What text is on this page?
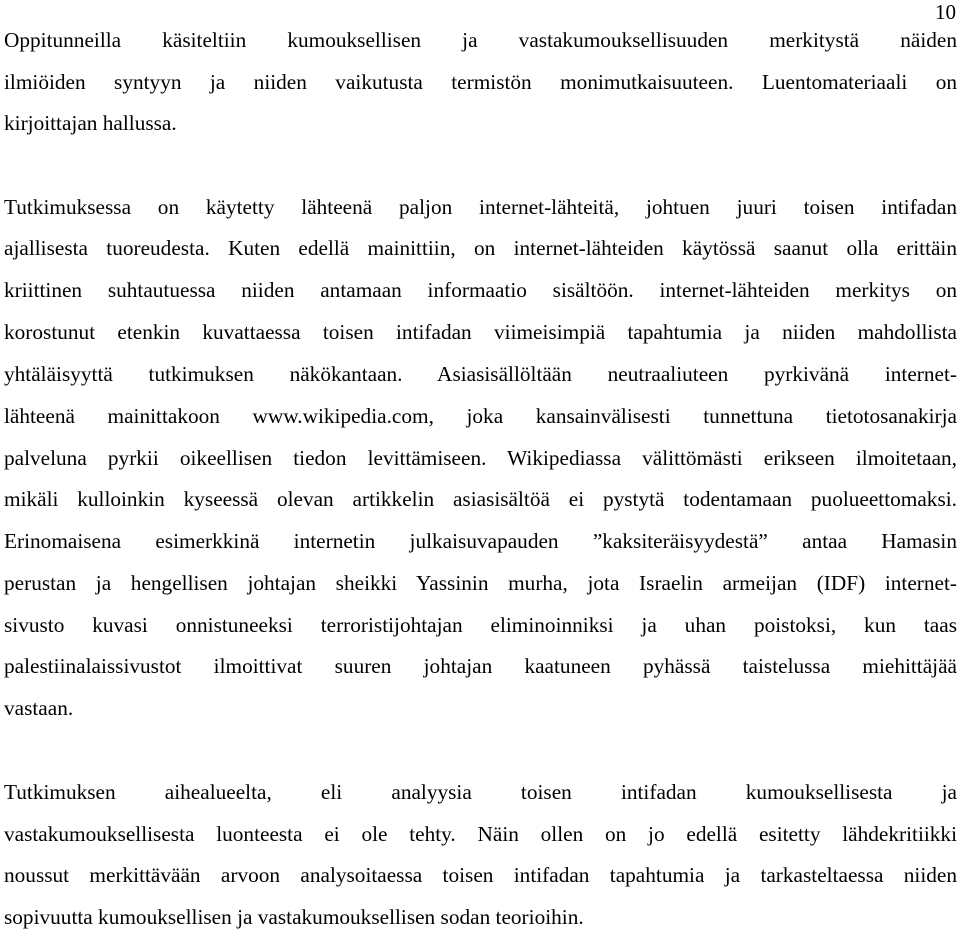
10
Oppitunneilla käsiteltiin kumouksellisen ja vastakumouksellisuuden merkitystä näiden
ilmiöiden syntyyn ja niiden vaikutusta termistön monimutkaisuuteen. Luentomateriaali on
kirjoittajan hallussa.
Tutkimuksessa on käytetty lähteenä paljon internet-lähteitä, johtuen juuri toisen intifadan
ajallisesta tuoreudesta. Kuten edellä mainittiin, on internet-lähteiden käytössä saanut olla erittäin
kriittinen suhtautuessa niiden antamaan informaatio sisältöön. internet-lähteiden merkitys on
korostunut etenkin kuvattaessa toisen intifadan viimeisimpiä tapahtumia ja niiden mahdollista
yhtäläisyyttä tutkimuksen näkökantaan. Asiasisällöltään neutraaliuteen pyrkivänä internet-
lähteenä mainittakoon www.wikipedia.com, joka kansainvälisesti tunnettuna tietotosanakirja
palveluna pyrkii oikeellisen tiedon levittämiseen. Wikipediassa välittömästi erikseen ilmoitetaan,
mikäli kulloinkin kyseessä olevan artikkelin asiasisältöä ei pystytä todentamaan puolueettomaksi.
Erinomaisena esimerkkinä internetin julkaisuvapauden ”kaksiteräisyydestä” antaa Hamasin
perustan ja hengellisen johtajan sheikki Yassinin murha, jota Israelin armeijan (IDF) internet-
sivusto kuvasi onnistuneeksi terroristijohtajan eliminoinniksi ja uhan poistoksi, kun taas
palestiinalaissivustot ilmoittivat suuren johtajan kaatuneen pyhässä taistelussa miehittäjää
vastaan.
Tutkimuksen aihealueelta, eli analyysia toisen intifadan kumouksellisesta ja
vastakumouksellisesta luonteesta ei ole tehty. Näin ollen on jo edellä esitetty lähdekritiikki
noussut merkittävään arvoon analysoitaessa toisen intifadan tapahtumia ja tarkasteltaessa niiden
sopivuutta kumouksellisen ja vastakumouksellisen sodan teorioihin.
